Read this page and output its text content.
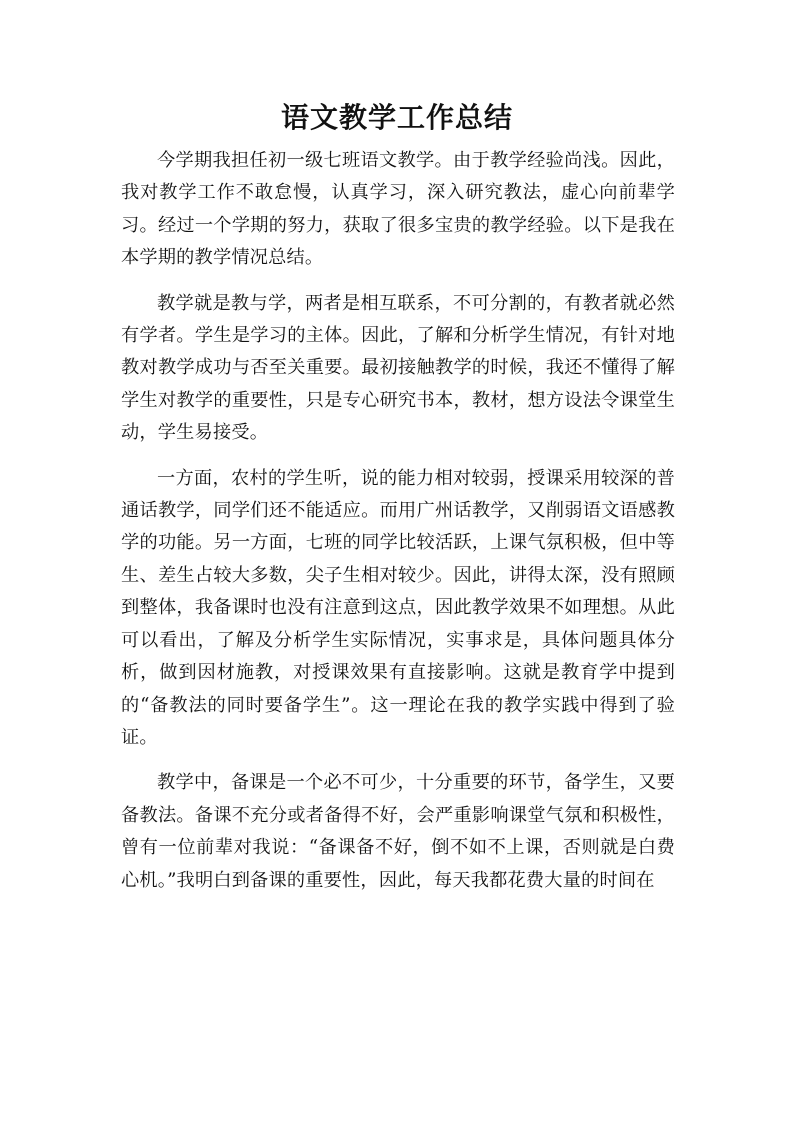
语文教学工作总结

今学期我担任初一级七班语文教学。由于教学经验尚浅。因此，我对教学工作不敢怠慢，认真学习，深入研究教法，虚心向前辈学习。经过一个学期的努力，获取了很多宝贵的教学经验。以下是我在本学期的教学情况总结。

教学就是教与学，两者是相互联系，不可分割的，有教者就必然有学者。学生是学习的主体。因此，了解和分析学生情况，有针对地教对教学成功与否至关重要。最初接触教学的时候，我还不懂得了解学生对教学的重要性，只是专心研究书本，教材，想方设法令课堂生动，学生易接受。

一方面，农村的学生听，说的能力相对较弱，授课采用较深的普通话教学，同学们还不能适应。而用广州话教学，又削弱语文语感教学的功能。另一方面，七班的同学比较活跃，上课气氛积极，但中等生、差生占较大多数，尖子生相对较少。因此，讲得太深，没有照顾到整体，我备课时也没有注意到这点，因此教学效果不如理想。从此可以看出，了解及分析学生实际情况，实事求是，具体问题具体分析，做到因材施教，对授课效果有直接影响。这就是教育学中提到的“备教法的同时要备学生”。这一理论在我的教学实践中得到了验证。

教学中，备课是一个必不可少，十分重要的环节，备学生，又要备教法。备课不充分或者备得不好，会严重影响课堂气氛和积极性，曾有一位前辈对我说：“备课备不好，倒不如不上课，否则就是白费心机。”我明白到备课的重要性，因此，每天我都花费大量的时间在
